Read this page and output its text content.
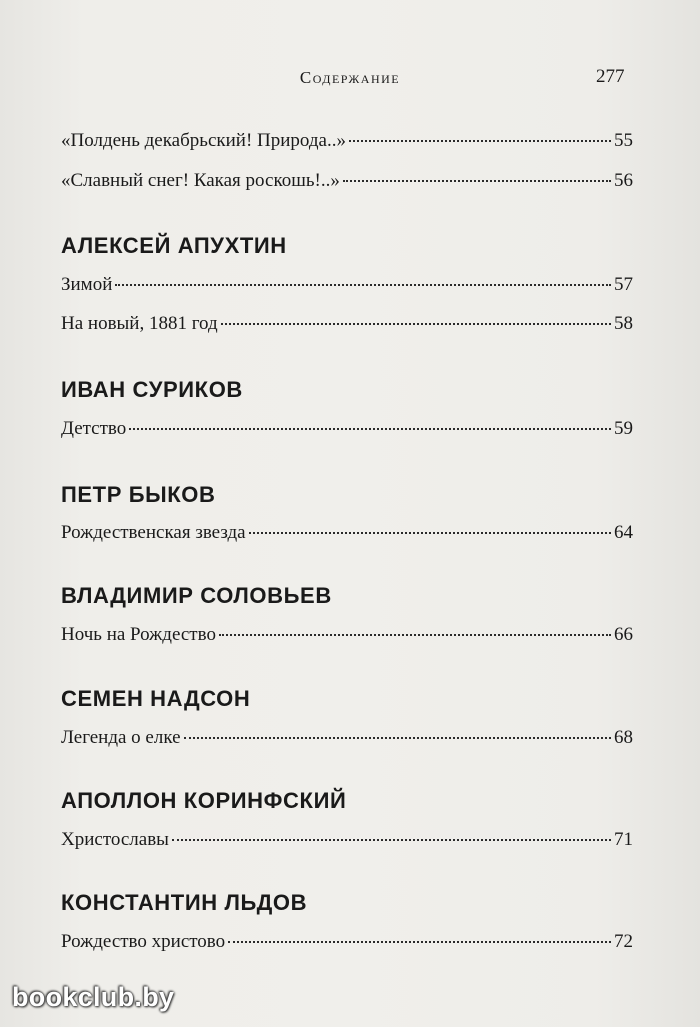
Содержание	277
«Полдень декабрьский! Природа..»	55
«Славный снег! Какая роскошь!..»	56
АЛЕКСЕЙ АПУХТИН
Зимой	57
На новый, 1881 год	58
ИВАН СУРИКОВ
Детство	59
ПЕТР БЫКОВ
Рождественская звезда	64
ВЛАДИМИР СОЛОВЬЕВ
Ночь на Рождество	66
СЕМЕН НАДСОН
Легенда о елке	68
АПОЛЛОН КОРИНФСКИЙ
Христославы	71
КОНСТАНТИН ЛЬДОВ
Рождество христово	72
bookclub.by
